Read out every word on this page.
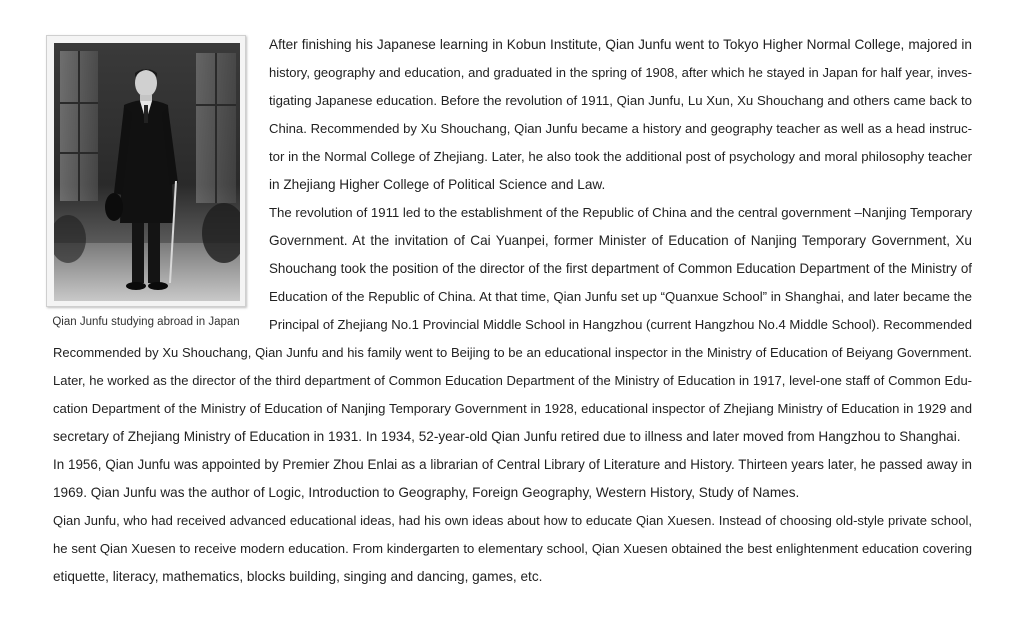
Qian Junfu studying abroad in Japan
After finishing his Japanese learning in Kobun Institute, Qian Junfu went to Tokyo Higher Normal College, majored in
history, geography and education, and graduated in the spring of 1908, after which he stayed in Japan for half year, inves-
tigating Japanese education. Before the revolution of 1911, Qian Junfu, Lu Xun, Xu Shouchang and others came back to
China. Recommended by Xu Shouchang, Qian Junfu became a history and geography teacher as well as a head instruc-
tor in the Normal College of Zhejiang. Later, he also took the additional post of psychology and moral philosophy teacher
in Zhejiang Higher College of Political Science and Law.
The revolution of 1911 led to the establishment of the Republic of China and the central government –Nanjing Temporary
Government. At the invitation of Cai Yuanpei, former Minister of Education of Nanjing Temporary Government, Xu
Shouchang took the position of the director of the first department of Common Education Department of the Ministry of
Education of the Republic of China. At that time, Qian Junfu set up “Quanxue School” in Shanghai, and later became the
Principal of Zhejiang No.1 Provincial Middle School in Hangzhou (current Hangzhou No.4 Middle School). Recommended
Recommended by Xu Shouchang, Qian Junfu and his family went to Beijing to be an educational inspector in the Ministry of Education of Beiyang Government.
Later, he worked as the director of the third department of Common Education Department of the Ministry of Education in 1917, level-one staff of Common Edu-
cation Department of the Ministry of Education of Nanjing Temporary Government in 1928, educational inspector of Zhejiang Ministry of Education in 1929 and
secretary of Zhejiang Ministry of Education in 1931. In 1934, 52-year-old Qian Junfu retired due to illness and later moved from Hangzhou to Shanghai.
In 1956, Qian Junfu was appointed by Premier Zhou Enlai as a librarian of Central Library of Literature and History. Thirteen years later, he passed away in
1969. Qian Junfu was the author of Logic, Introduction to Geography, Foreign Geography, Western History, Study of Names.
Qian Junfu, who had received advanced educational ideas, had his own ideas about how to educate Qian Xuesen. Instead of choosing old-style private school,
he sent Qian Xuesen to receive modern education. From kindergarten to elementary school, Qian Xuesen obtained the best enlightenment education covering
etiquette, literacy, mathematics, blocks building, singing and dancing, games, etc.
